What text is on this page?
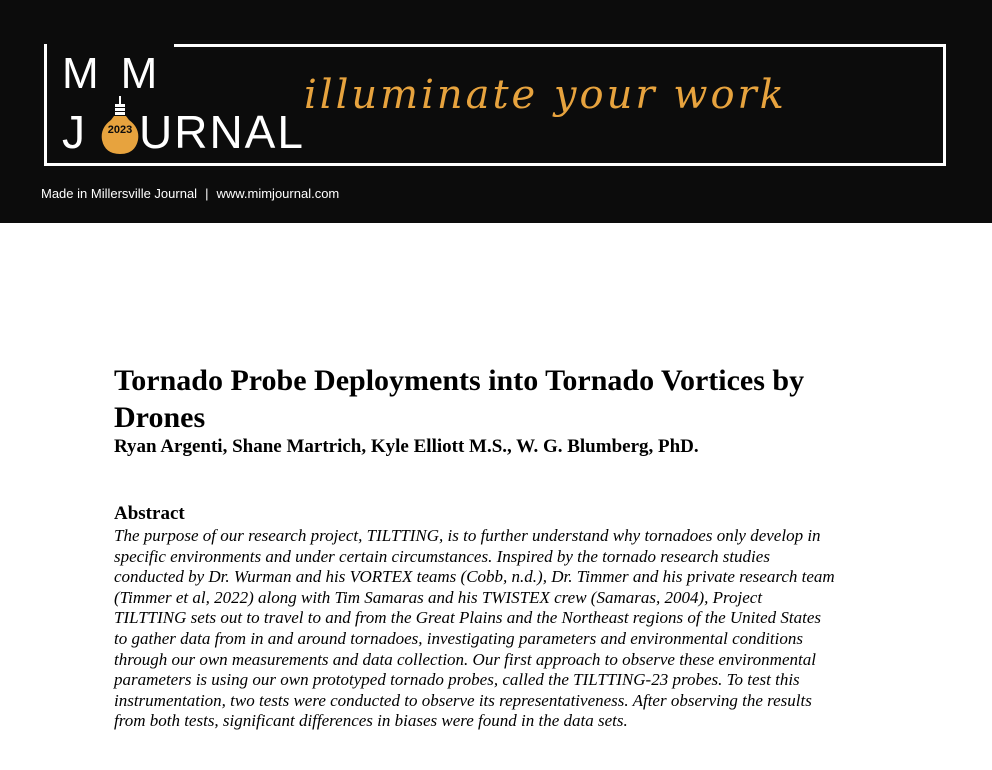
M M
2023
J URNAL
illuminate your work
Made in Millersville Journal | www.mimjournal.com
Tornado Probe Deployments into Tornado Vortices by Drones
Ryan Argenti, Shane Martrich, Kyle Elliott M.S., W. G. Blumberg, PhD.
Abstract
The purpose of our research project, TILTTING, is to further understand why tornadoes only develop in
specific environments and under certain circumstances. Inspired by the tornado research studies
conducted by Dr. Wurman and his VORTEX teams (Cobb, n.d.), Dr. Timmer and his private research team
(Timmer et al, 2022) along with Tim Samaras and his TWISTEX crew (Samaras, 2004), Project
TILTTING sets out to travel to and from the Great Plains and the Northeast regions of the United States
to gather data from in and around tornadoes, investigating parameters and environmental conditions
through our own measurements and data collection. Our first approach to observe these environmental
parameters is using our own prototyped tornado probes, called the TILTTING-23 probes. To test this
instrumentation, two tests were conducted to observe its representativeness. After observing the results
from both tests, significant differences in biases were found in the data sets.
